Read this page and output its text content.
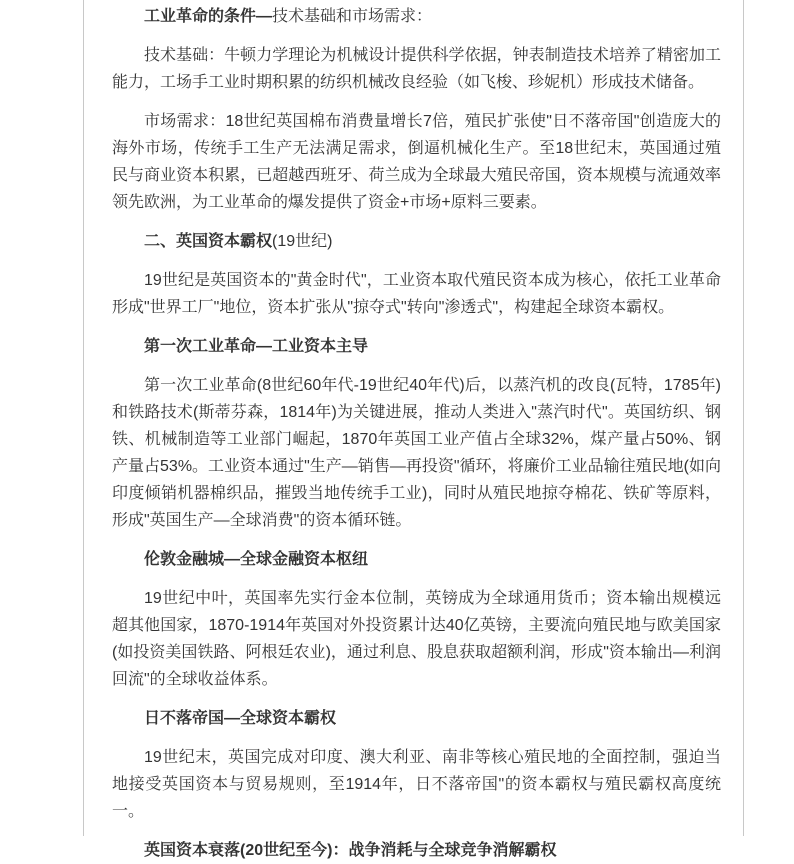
工业革命的条件—技术基础和市场需求：

技术基础：牛顿力学理论为机械设计提供科学依据，钟表制造技术培养了精密加工能力，工场手工业时期积累的纺织机械改良经验（如飞梭、珍妮机）形成技术储备。

市场需求：18世纪英国棉布消费量增长7倍，殖民扩张使"日不落帝国"创造庞大的海外市场，传统手工生产无法满足需求，倒逼机械化生产。至18世纪末，英国通过殖民与商业资本积累，已超越西班牙、荷兰成为全球最大殖民帝国，资本规模与流通效率领先欧洲，为工业革命的爆发提供了资金+市场+原料三要素。

二、英国资本霸权(19世纪)

19世纪是英国资本的"黄金时代"，工业资本取代殖民资本成为核心，依托工业革命形成"世界工厂"地位，资本扩张从"掠夺式"转向"渗透式"，构建起全球资本霸权。

第一次工业革命—工业资本主导

第一次工业革命(8世纪60年代-19世纪40年代)后，以蒸汽机的改良(瓦特，1785年)和铁路技术(斯蒂芬森，1814年)为关键进展，推动人类进入"蒸汽时代"。英国纺织、钢铁、机械制造等工业部门崛起，1870年英国工业产值占全球32%，煤产量占50%、钢产量占53%。工业资本通过"生产—销售—再投资"循环，将廉价工业品输往殖民地(如向印度倾销机器棉织品，摧毁当地传统手工业)，同时从殖民地掠夺棉花、铁矿等原料，形成"英国生产—全球消费"的资本循环链。

伦敦金融城—全球金融资本枢纽

19世纪中叶，英国率先实行金本位制，英镑成为全球通用货币；资本输出规模远超其他国家，1870-1914年英国对外投资累计达40亿英镑，主要流向殖民地与欧美国家(如投资美国铁路、阿根廷农业)，通过利息、股息获取超额利润，形成"资本输出—利润回流"的全球收益体系。

日不落帝国—全球资本霸权

19世纪末，英国完成对印度、澳大利亚、南非等核心殖民地的全面控制，强迫当地接受英国资本与贸易规则，至1914年，日不落帝国"的资本霸权与殖民霸权高度统一。

英国资本衰落(20世纪至今)：战争消耗与全球竞争消解霸权
